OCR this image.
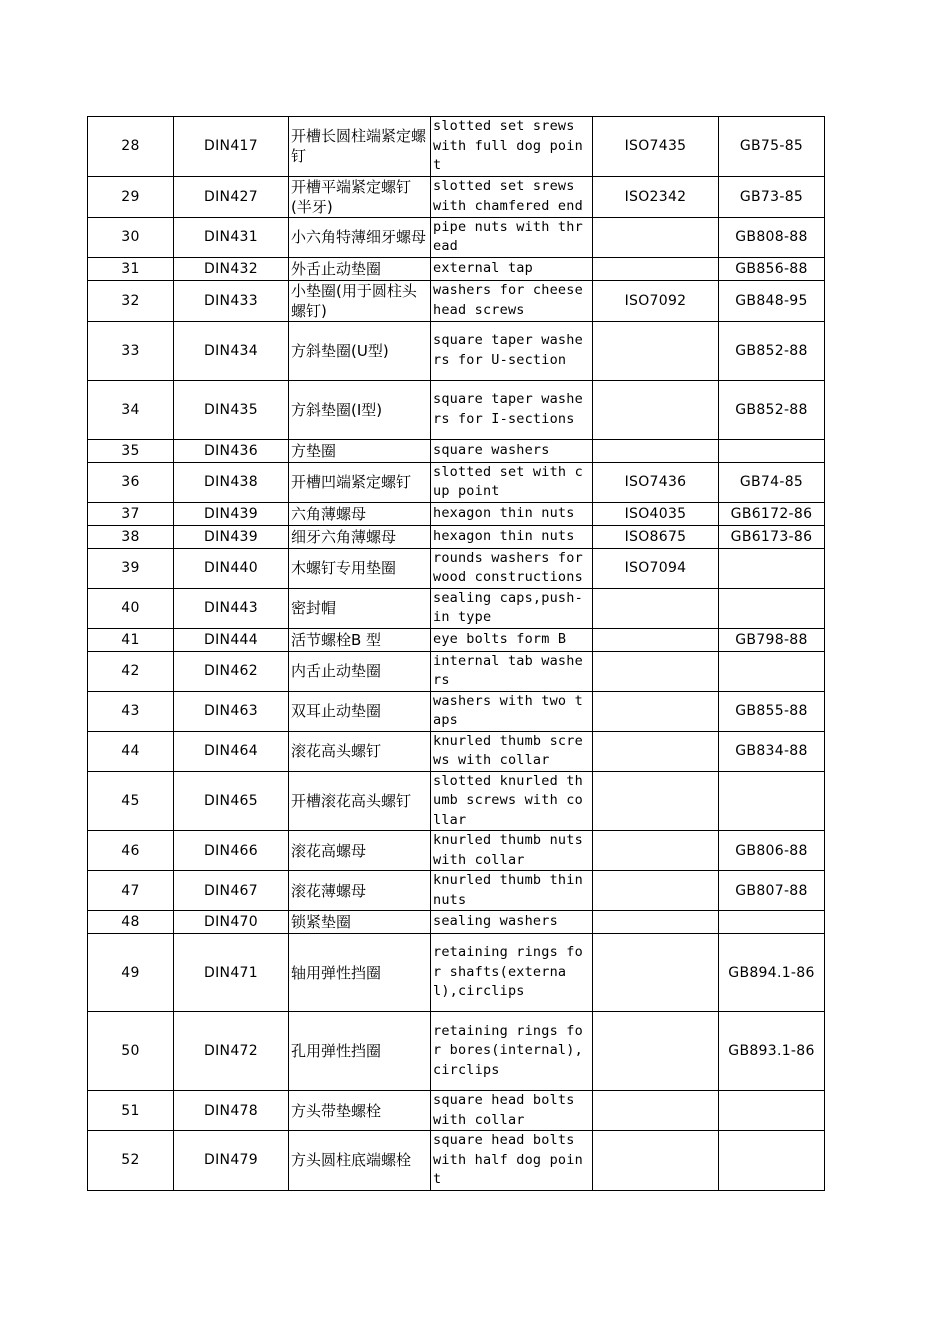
28	DIN417	开槽长圆柱端紧定螺钉	slotted set srews with full dog point	ISO7435	GB75-85
29	DIN427	开槽平端紧定螺钉(半牙)	slotted set srews with chamfered end	ISO2342	GB73-85
30	DIN431	小六角特薄细牙螺母	pipe nuts with thread		GB808-88
31	DIN432	外舌止动垫圈	external tap		GB856-88
32	DIN433	小垫圈(用于圆柱头螺钉)	washers for cheese head screws	ISO7092	GB848-95
33	DIN434	方斜垫圈(U型)	square taper washers for U-section		GB852-88
34	DIN435	方斜垫圈(I型)	square taper washers for I-sections		GB852-88
35	DIN436	方垫圈	square washers		
36	DIN438	开槽凹端紧定螺钉	slotted set with cup point	ISO7436	GB74-85
37	DIN439	六角薄螺母	hexagon thin nuts	ISO4035	GB6172-86
38	DIN439	细牙六角薄螺母	hexagon thin nuts	ISO8675	GB6173-86
39	DIN440	木螺钉专用垫圈	rounds washers for wood constructions	ISO7094	
40	DIN443	密封帽	sealing caps,push-in type		
41	DIN444	活节螺栓B 型	eye bolts form B		GB798-88
42	DIN462	内舌止动垫圈	internal tab washers		
43	DIN463	双耳止动垫圈	washers with two taps		GB855-88
44	DIN464	滚花高头螺钉	knurled thumb screws with collar		GB834-88
45	DIN465	开槽滚花高头螺钉	slotted knurled thumb screws with collar		
46	DIN466	滚花高螺母	knurled thumb nuts with collar		GB806-88
47	DIN467	滚花薄螺母	knurled thumb thin nuts		GB807-88
48	DIN470	锁紧垫圈	sealing washers		
49	DIN471	轴用弹性挡圈	retaining rings for shafts(external),circlips		GB894.1-86
50	DIN472	孔用弹性挡圈	retaining rings for bores(internal),circlips		GB893.1-86
51	DIN478	方头带垫螺栓	square head bolts with collar		
52	DIN479	方头圆柱底端螺栓	square head bolts with half dog point		
